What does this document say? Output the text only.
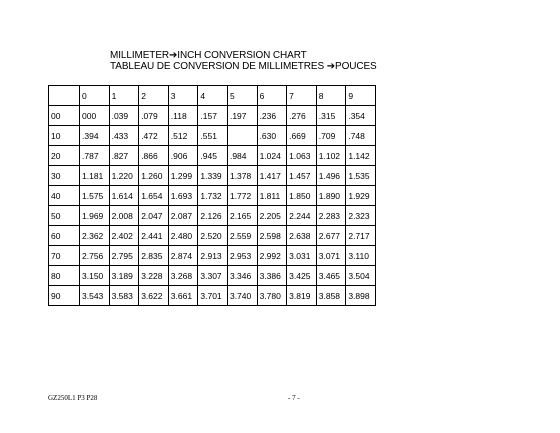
MILLIMETER➔INCH CONVERSION CHART
TABLEAU DE CONVERSION DE MILLIMETRES ➔POUCES
	0	1	2	3	4	5	6	7	8	9
00	000	.039	.079	.118	.157	.197	.236	.276	.315	.354
10	.394	.433	.472	.512	.551		.630	.669	.709	.748
20	.787	.827	.866	.906	.945	.984	1.024	1.063	1.102	1.142
30	1.181	1.220	1.260	1.299	1.339	1.378	1.417	1.457	1.496	1.535
40	1.575	1.614	1.654	1.693	1.732	1.772	1.811	1.850	1.890	1.929
50	1.969	2.008	2.047	2.087	2.126	2.165	2.205	2.244	2.283	2.323
60	2.362	2.402	2.441	2.480	2.520	2.559	2.598	2.638	2.677	2.717
70	2.756	2.795	2.835	2.874	2.913	2.953	2.992	3.031	3.071	3.110
80	3.150	3.189	3.228	3.268	3.307	3.346	3.386	3.425	3.465	3.504
90	3.543	3.583	3.622	3.661	3.701	3.740	3.780	3.819	3.858	3.898
GZ250L1 P3 P28	- 7 -
